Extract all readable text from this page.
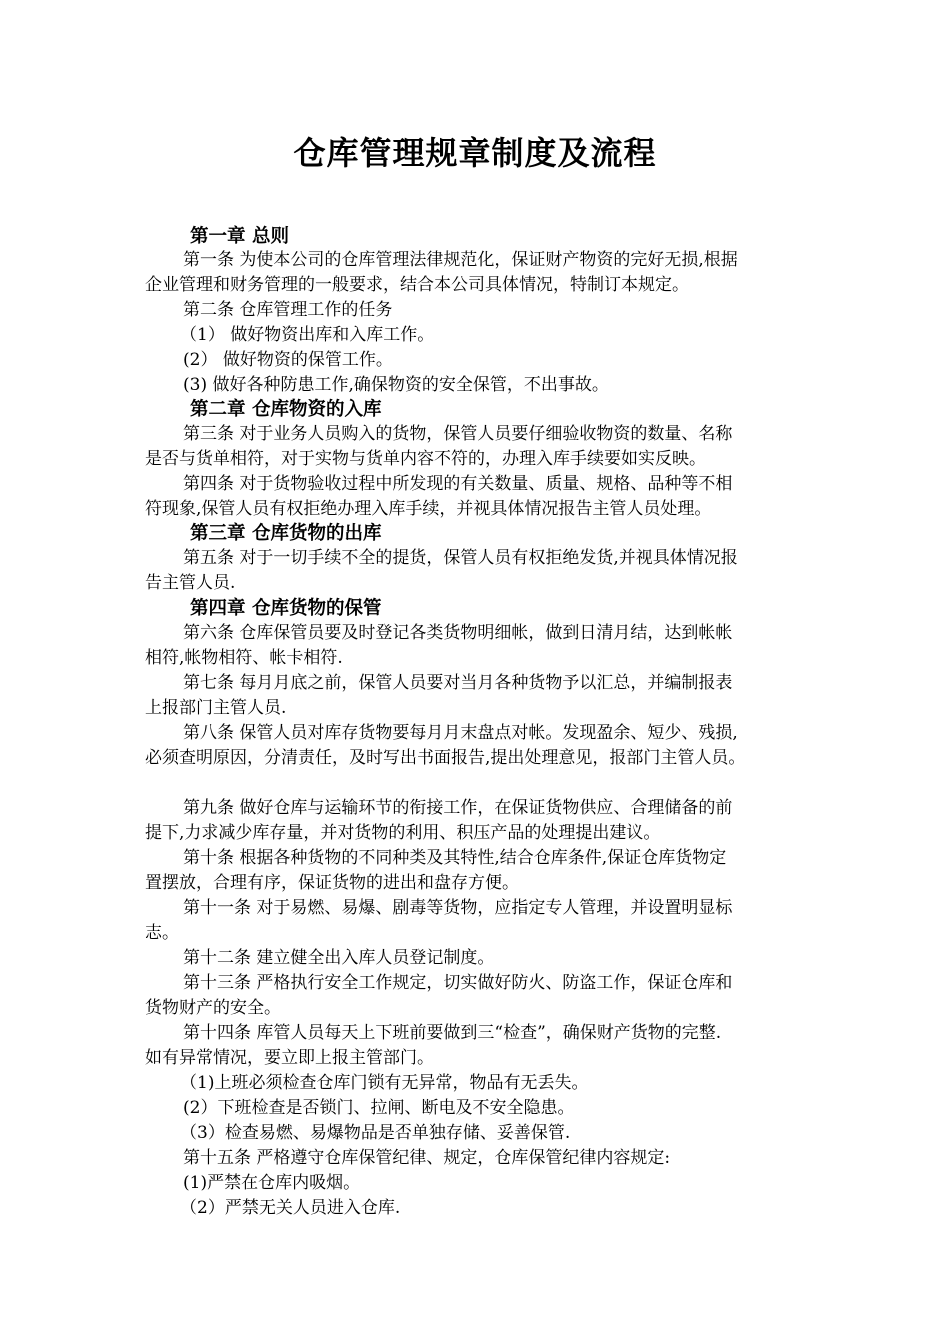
仓库管理规章制度及流程
第一章 总则
第一条 为使本公司的仓库管理法律规范化，保证财产物资的完好无损,根据
企业管理和财务管理的一般要求，结合本公司具体情况，特制订本规定。
第二条 仓库管理工作的任务
（1） 做好物资出库和入库工作。
(2） 做好物资的保管工作。
(3) 做好各种防患工作,确保物资的安全保管，不出事故。
第二章 仓库物资的入库
第三条 对于业务人员购入的货物，保管人员要仔细验收物资的数量、名称
是否与货单相符，对于实物与货单内容不符的，办理入库手续要如实反映。
第四条 对于货物验收过程中所发现的有关数量、质量、规格、品种等不相
符现象,保管人员有权拒绝办理入库手续，并视具体情况报告主管人员处理。
第三章 仓库货物的出库
第五条 对于一切手续不全的提货，保管人员有权拒绝发货,并视具体情况报
告主管人员.
第四章 仓库货物的保管
第六条 仓库保管员要及时登记各类货物明细帐，做到日清月结，达到帐帐
相符,帐物相符、帐卡相符.
第七条 每月月底之前，保管人员要对当月各种货物予以汇总，并编制报表
上报部门主管人员.
第八条 保管人员对库存货物要每月月末盘点对帐。发现盈余、短少、残损,
必须查明原因，分清责任，及时写出书面报告,提出处理意见，报部门主管人员。
第九条 做好仓库与运输环节的衔接工作，在保证货物供应、合理储备的前
提下,力求减少库存量，并对货物的利用、积压产品的处理提出建议。
第十条 根据各种货物的不同种类及其特性,结合仓库条件,保证仓库货物定
置摆放，合理有序，保证货物的进出和盘存方便。
第十一条 对于易燃、易爆、剧毒等货物，应指定专人管理，并设置明显标
志。
第十二条 建立健全出入库人员登记制度。
第十三条 严格执行安全工作规定，切实做好防火、防盗工作，保证仓库和
货物财产的安全。
第十四条 库管人员每天上下班前要做到三“检查”，确保财产货物的完整.
如有异常情况，要立即上报主管部门。
（1)上班必须检查仓库门锁有无异常，物品有无丢失。
(2）下班检查是否锁门、拉闸、断电及不安全隐患。
（3）检查易燃、易爆物品是否单独存储、妥善保管.
第十五条 严格遵守仓库保管纪律、规定，仓库保管纪律内容规定:
(1)严禁在仓库内吸烟。
（2）严禁无关人员进入仓库.
